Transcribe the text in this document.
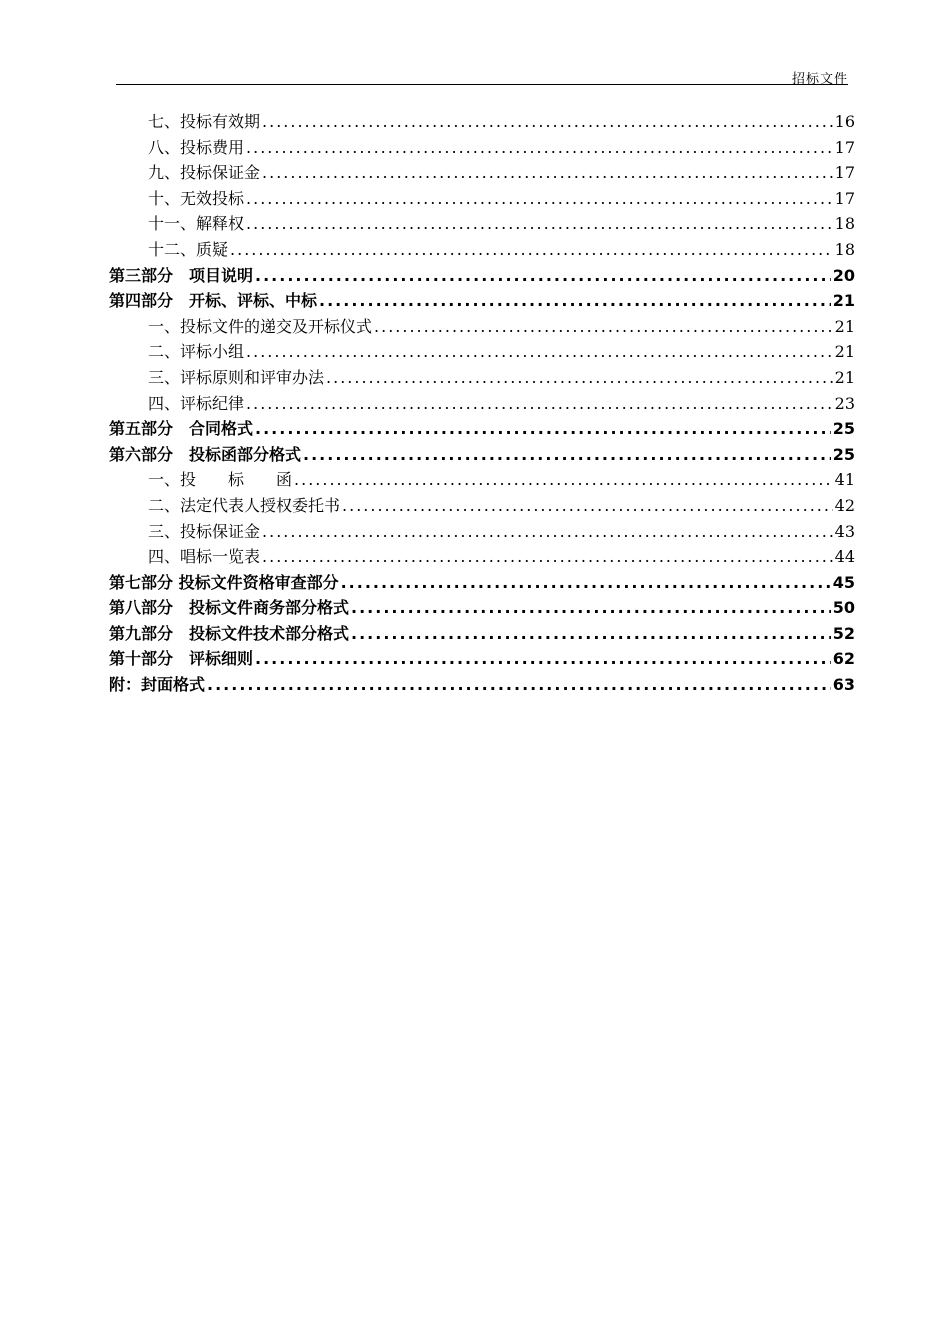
招标文件
七、投标有效期 .....	16
八、投标费用 .....	17
九、投标保证金 .....	17
十、无效投标 .....	17
十一、解释权 .....	18
十二、质疑 .....	18
第三部分　项目说明 .....	20
第四部分　开标、评标、中标 .....	21
一、投标文件的递交及开标仪式 .....	21
二、评标小组 .....	21
三、评标原则和评审办法 .....	21
四、评标纪律 .....	23
第五部分　合同格式 .....	25
第六部分　投标函部分格式 .....	25
一、投　　标　　函 .....	41
二、法定代表人授权委托书 .....	42
三、投标保证金 .....	43
四、唱标一览表 .....	44
第七部分 投标文件资格审查部分 .....	45
第八部分　投标文件商务部分格式 .....	50
第九部分　投标文件技术部分格式 .....	52
第十部分　评标细则 .....	62
附：封面格式 .....	63
